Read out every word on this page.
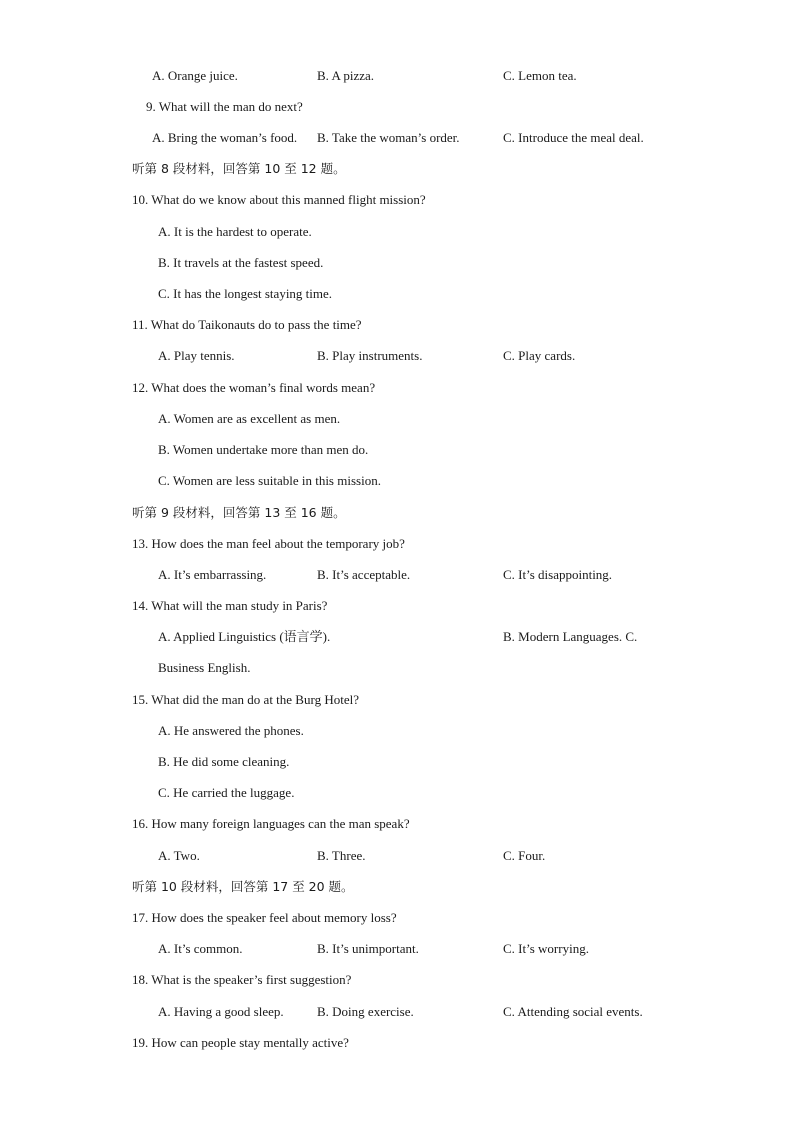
A. Orange juice.	B. A pizza.	C. Lemon tea.
9. What will the man do next?
A. Bring the woman’s food. B. Take the woman’s order.	C. Introduce the meal deal.
听第 8 段材料，回答第 10 至 12 题。
10. What do we know about this manned flight mission?
A. It is the hardest to operate.
B. It travels at the fastest speed.
C. It has the longest staying time.
11. What do Taikonauts do to pass the time?
A. Play tennis.	B. Play instruments.	C. Play cards.
12. What does the woman’s final words mean?
A. Women are as excellent as men.
B. Women undertake more than men do.
C. Women are less suitable in this mission.
听第 9 段材料，回答第 13 至 16 题。
13. How does the man feel about the temporary job?
A. It’s embarrassing.	B. It’s acceptable.	C. It’s disappointing.
14. What will the man study in Paris?
A. Applied Linguistics (语言学).	B. Modern Languages. C.
Business English.
15. What did the man do at the Burg Hotel?
A. He answered the phones.
B. He did some cleaning.
C. He carried the luggage.
16. How many foreign languages can the man speak?
A. Two.	B. Three.	C. Four.
听第 10 段材料，回答第 17 至 20 题。
17. How does the speaker feel about memory loss?
A. It’s common.	B. It’s unimportant.	C. It’s worrying.
18. What is the speaker’s first suggestion?
A. Having a good sleep.	B. Doing exercise.	C. Attending social events.
19. How can people stay mentally active?
